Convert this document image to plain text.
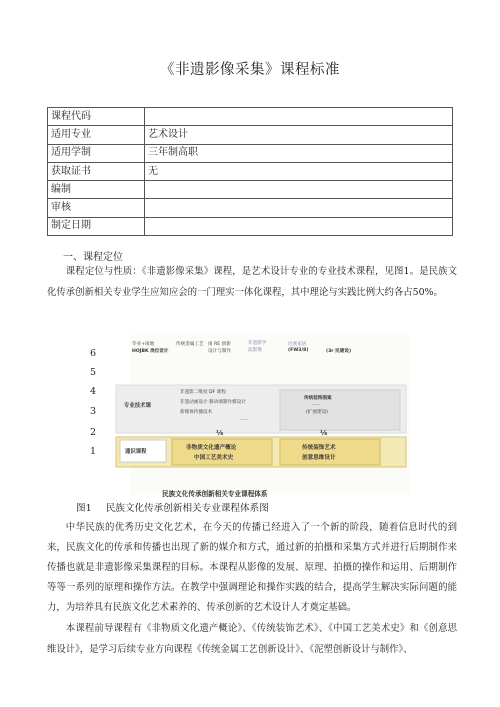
《非遗影像采集》课程标准
课程代码	
适用专业	艺术设计
适用学制	三年制高职
获取证书	无
编制	
审核	
制定日期	
一、课程定位
课程定位与性质：《非遗影像采集》课程，是艺术设计专业的专业技术课程，见图1。是民族文化传承创新相关专业学生应知应会的一门理实一体化课程，其中理论与实践比例大约各占50%。
6
5
4
3
2
1
毕业+岗地
HOJBK 岗位设计
传统金属工艺 岗 RE 创新
设计与制作
非遗影学
法影像
民族家居
(FW3/8)	(3r 民建设)
专业技术课
非遗影二维度 DF 课程
非遗动画设计 移动端制作模设计
新媒体传播技术
......
传统装饰图案
......
(扩展建设)
⅛	⅛
通识课程
非物质文化遗产概论
中国工艺美术史
传统装饰艺术
创意思维设计
民族文化传承创新相关专业课程体系
图1 民族文化传承创新相关专业课程体系图
中华民族的优秀历史文化艺术，在今天的传播已经进入了一个新的阶段，随着信息时代的到来，民族文化的传承和传播也出现了新的媒介和方式，通过新的拍摄和采集方式并进行后期制作来传播也就是非遗影像采集课程的目标。本课程从影像的发展、原理、拍摄的操作和运用、后期制作等等一系列的原理和操作方法。在教学中强调理论和操作实践的结合，提高学生解决实际问题的能力，为培养具有民族文化艺术素养的、传承创新的艺术设计人才奠定基础。
本课程前导课程有《非物质文化遗产概论》、《传统装饰艺术》、《中国工艺美术史》和《创意思维设计》，是学习后续专业方向课程《传统金属工艺创新设计》、《泥塑创新设计与制作》、
